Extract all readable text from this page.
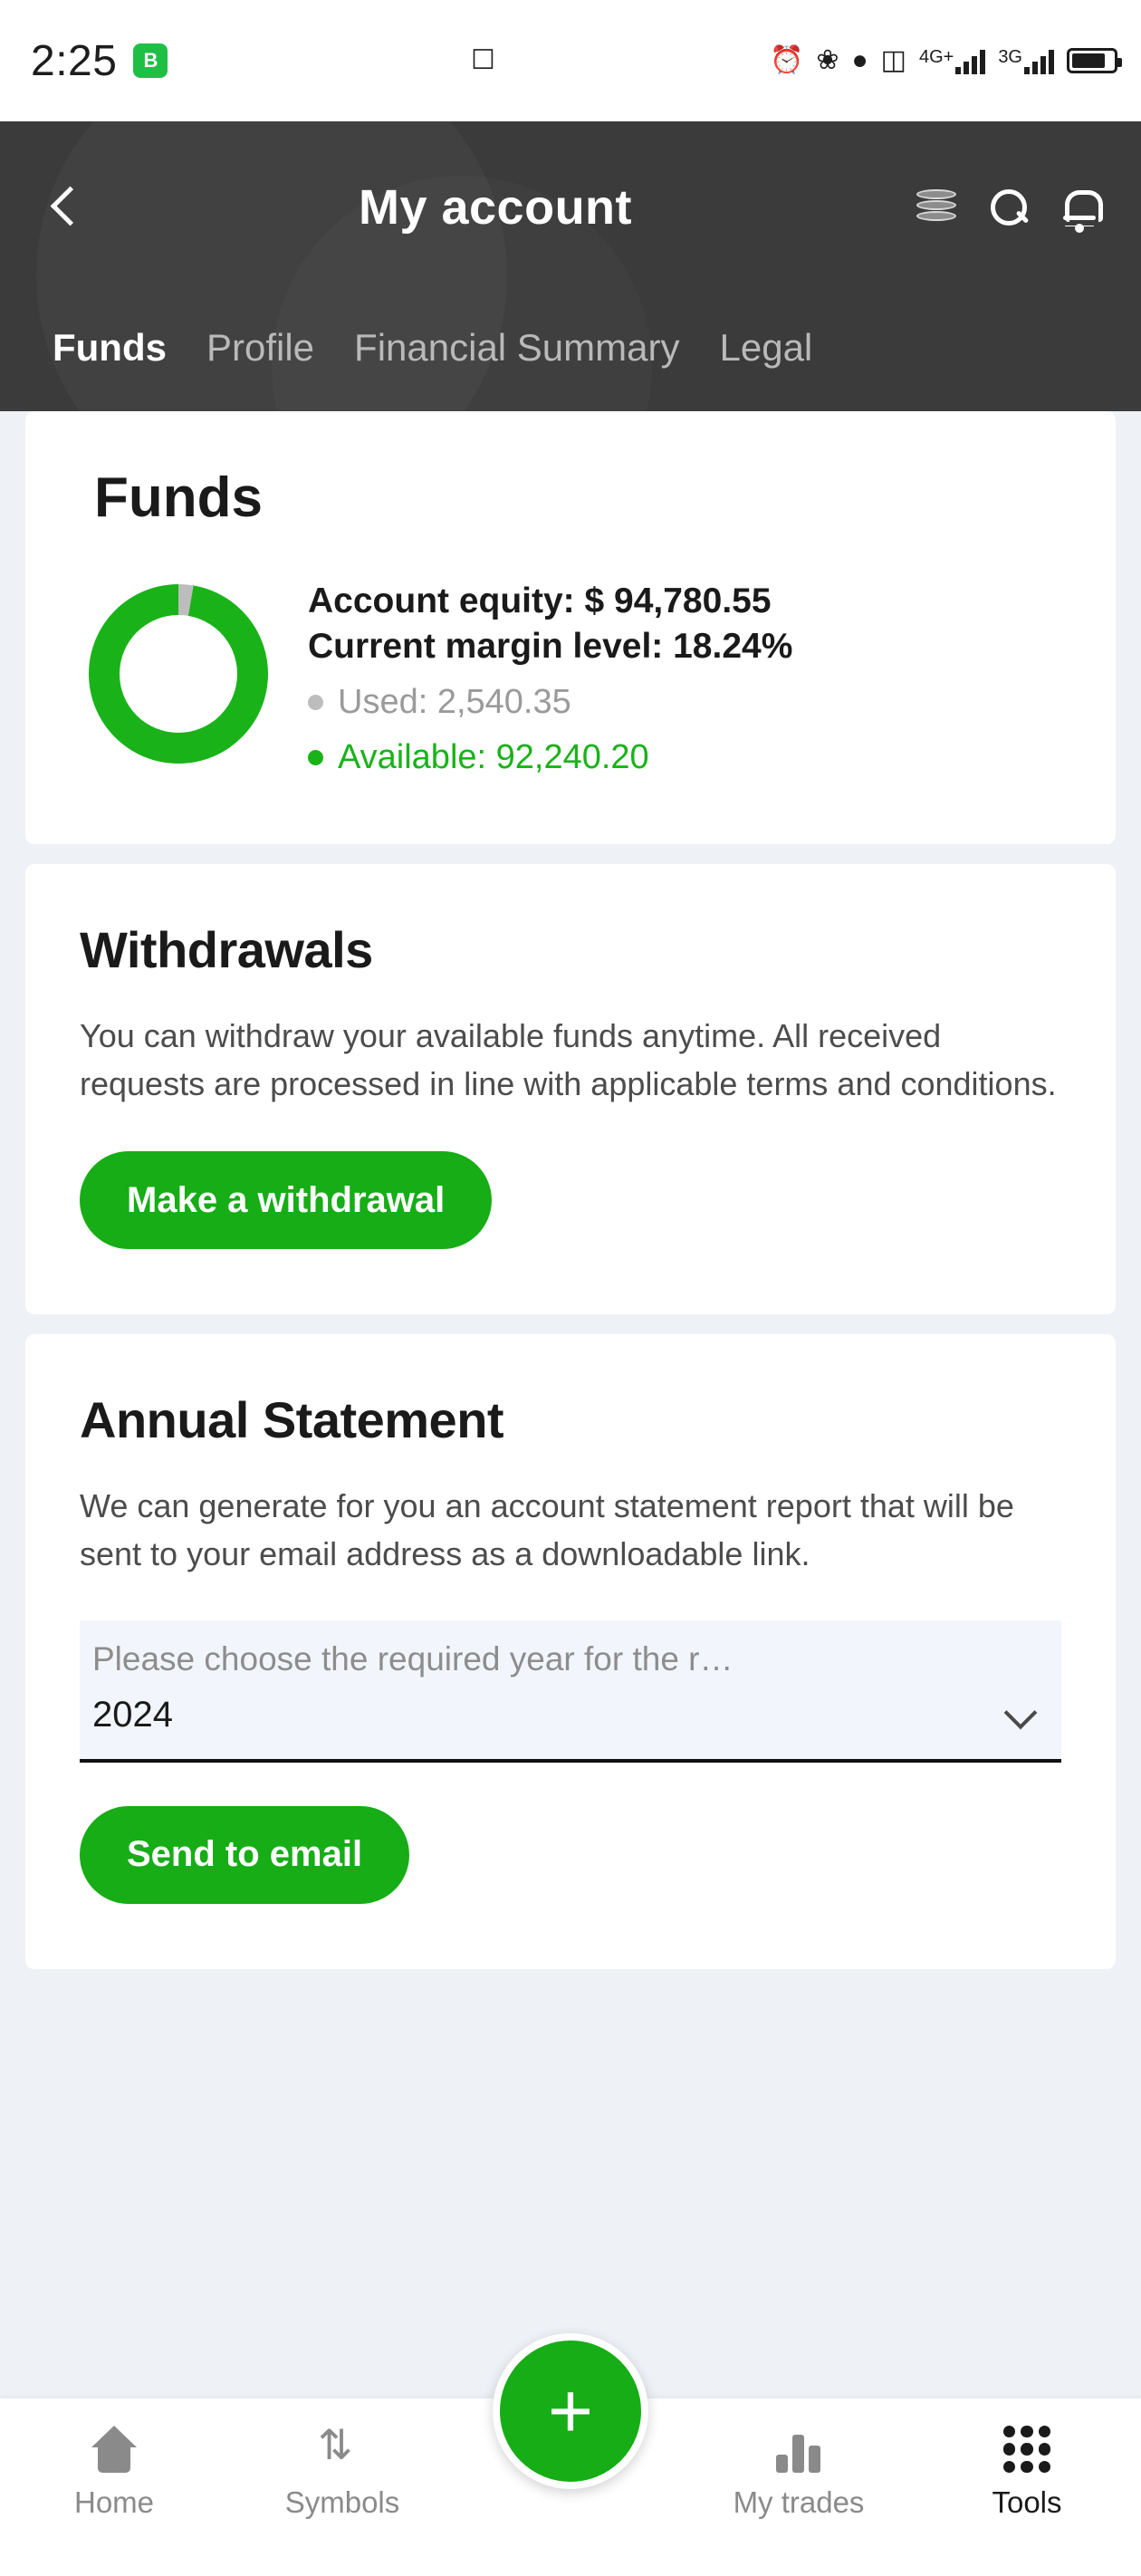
2:25	B	☐	⏰ ❀ ● ◫ 4G+ 3G
My account
Funds Profile Financial Summary Legal
Funds
Account equity: $ 94,780.55
Current margin level: 18.24%
Used: 2,540.35
Available: 92,240.20
Withdrawals
You can withdraw your available funds anytime. All received requests are processed in line with applicable terms and conditions.
Make a withdrawal
Annual Statement
We can generate for you an account statement report that will be sent to your email address as a downloadable link.
Please choose the required year for the r…
2024
Send to email
+
Home
⇅
Symbols	My trades	Tools
